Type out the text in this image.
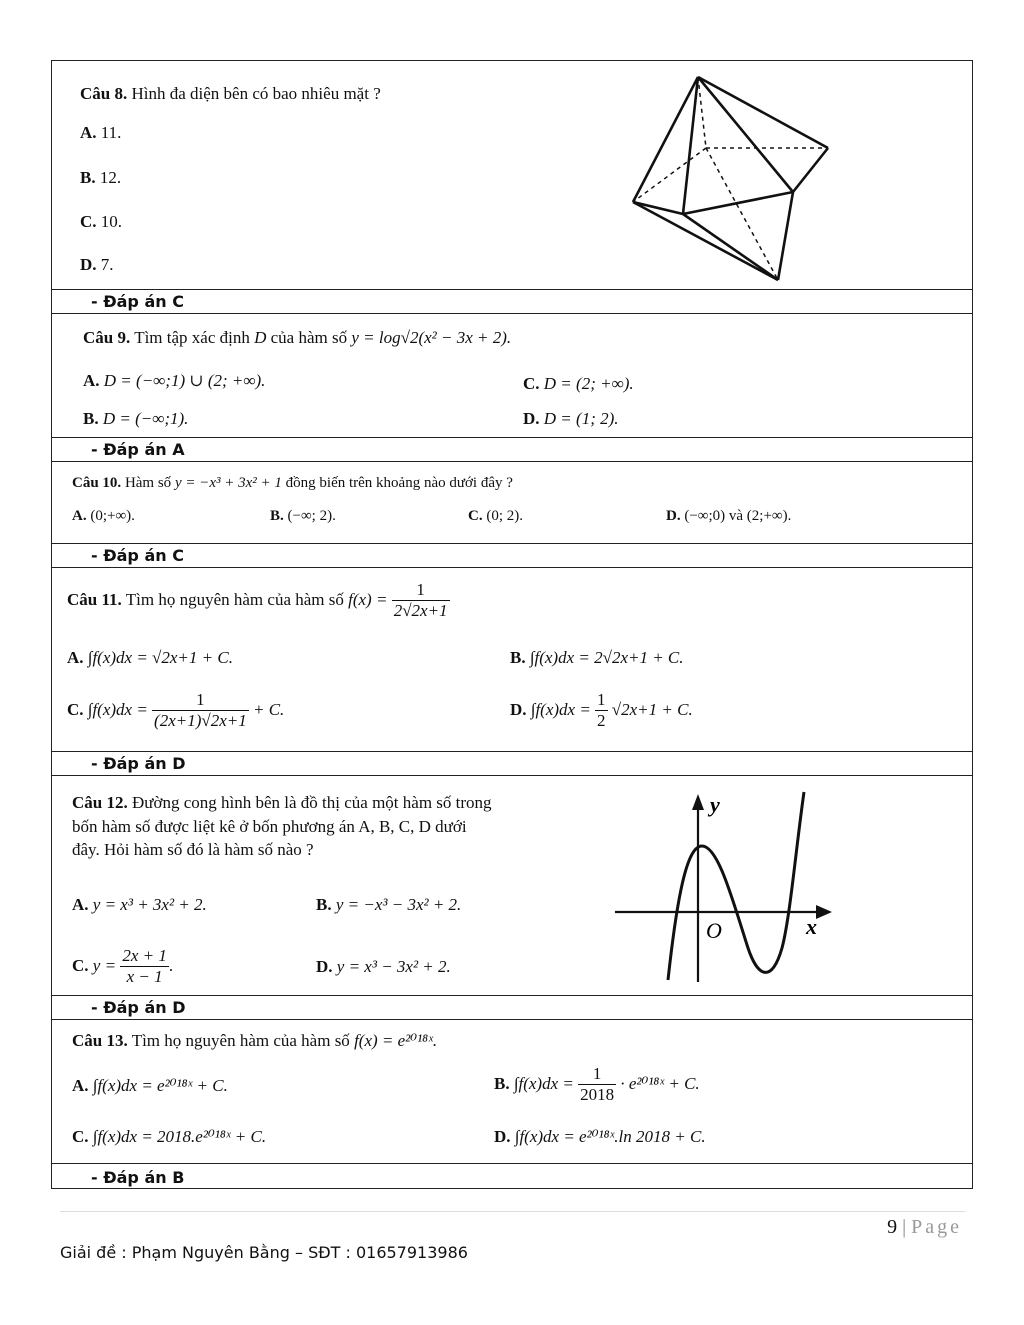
Câu 8. Hình đa diện bên có bao nhiêu mặt ?
A. 11.
B. 12.
C. 10.
D. 7.
- Đáp án C
Câu 9. Tìm tập xác định D của hàm số y = log√2(x² − 3x + 2).
A. D = (−∞;1) ∪ (2; +∞).	C. D = (2; +∞).
B. D = (−∞;1).	D. D = (1; 2).
- Đáp án A
Câu 10. Hàm số y = −x³ + 3x² + 1 đồng biến trên khoảng nào dưới đây ?
A. (0;+∞).	B. (−∞; 2).	C. (0; 2).	D. (−∞;0) và (2;+∞).
- Đáp án C
Câu 11. Tìm họ nguyên hàm của hàm số $f(x) = \frac{1}{2√2x+1}$
A. ∫f(x)dx = √2x+1 + C.	B. ∫f(x)dx = 2√2x+1 + C.
C. $\int f(x)dx = \frac{1}{(2x+1)√2x+1} + C$.	D. $\int f(x)dx = \frac{1}{2} √2x+1 + C$.
- Đáp án D
Câu 12. Đường cong hình bên là đồ thị của một hàm số trong
bốn hàm số được liệt kê ở bốn phương án A, B, C, D dưới
đây. Hỏi hàm số đó là hàm số nào ?
A. y = x³ + 3x² + 2.	B. y = −x³ − 3x² + 2.
C. $y = \frac{2x + 1}{x - 1}$ .	D. y = x³ − 3x² + 2.
y
x
O
- Đáp án D
Câu 13. Tìm họ nguyên hàm của hàm số f(x) = e²⁰¹⁸ˣ.
A. ∫f(x)dx = e²⁰¹⁸ˣ + C.	B. $\int f(x)dx = \frac{1}{2018}$ · e²⁰¹⁸ˣ + C.
C. ∫f(x)dx = 2018.e²⁰¹⁸ˣ + C.	D. ∫f(x)dx = e²⁰¹⁸ˣ.ln 2018 + C.
- Đáp án B
9 | Page
Giải đề : Phạm Nguyên Bằng – SĐT : 01657913986
